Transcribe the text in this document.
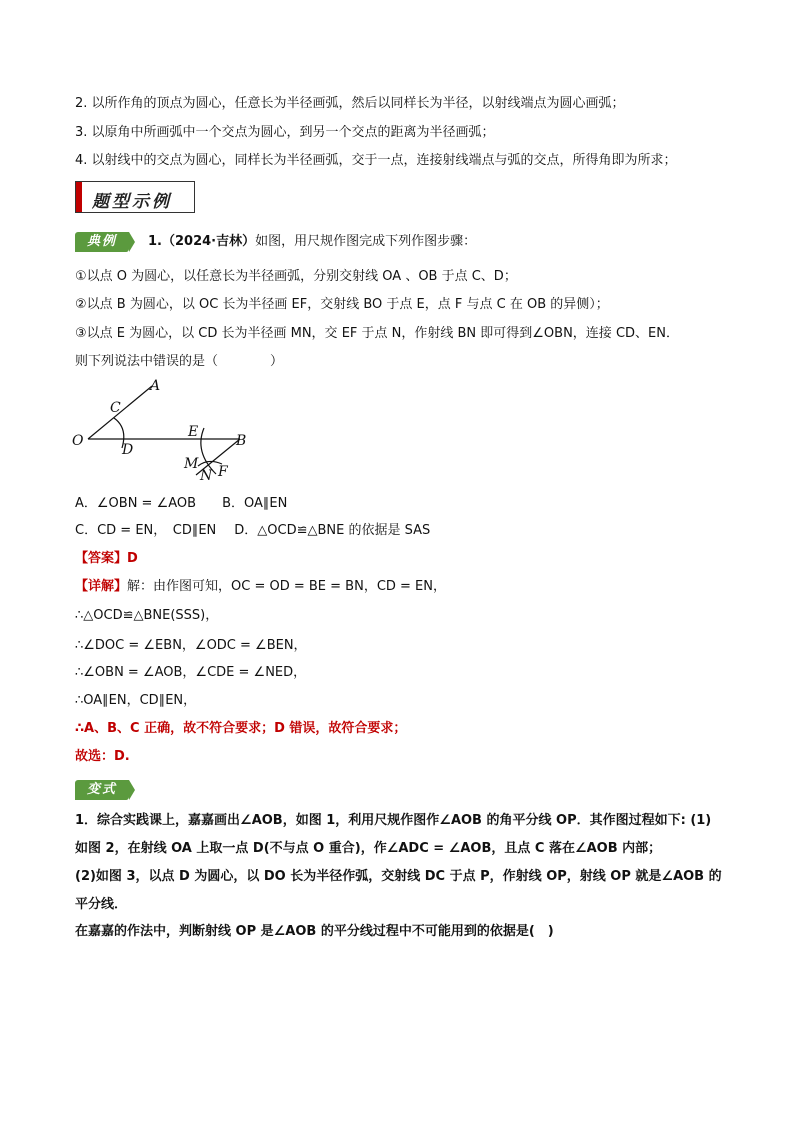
2. 以所作角的顶点为圆心，任意长为半径画弧，然后以同样长为半径，以射线端点为圆心画弧；
3. 以原角中所画弧中一个交点为圆心，到另一个交点的距离为半径画弧；
4. 以射线中的交点为圆心，同样长为半径画弧，交于一点，连接射线端点与弧的交点，所得角即为所求；
题型示例
典例	1.（2024·吉林）如图，用尺规作图完成下列作图步骤：
①以点 O 为圆心，以任意长为半径画弧，分别交射线 OA 、OB 于点 C、D；
②以点 B 为圆心，以 OC 长为半径画 EF，交射线 BO 于点 E，点 F 与点 C 在 OB 的异侧）；
③以点 E 为圆心，以 CD 长为半径画 MN，交 EF 于点 N，作射线 BN 即可得到∠OBN，连接 CD、EN．
则下列说法中错误的是（　　　　）
A
C
O
D
E
B
M
N F
A．∠OBN = ∠AOB B．OA∥EN
C．CD = EN，　CD∥EN D．△OCD≌△BNE 的依据是 SAS
【答案】D
【详解】解：由作图可知，OC = OD = BE = BN，CD = EN，
∴△OCD≌△BNE(SSS)，
∴∠DOC = ∠EBN，∠ODC = ∠BEN，
∴∠OBN = ∠AOB，∠CDE = ∠NED，
∴OA∥EN，CD∥EN，
∴A、B、C 正确，故不符合要求；D 错误，故符合要求；
故选：D.
变式
1．综合实践课上，嘉嘉画出∠AOB，如图 1，利用尺规作图作∠AOB 的角平分线 OP．其作图过程如下: (1)
如图 2，在射线 OA 上取一点 D(不与点 O 重合)，作∠ADC = ∠AOB，且点 C 落在∠AOB 内部；
(2)如图 3，以点 D 为圆心，以 DO 长为半径作弧，交射线 DC 于点 P，作射线 OP，射线 OP 就是∠AOB 的
平分线．
在嘉嘉的作法中，判断射线 OP 是∠AOB 的平分线过程中不可能用到的依据是(　)
